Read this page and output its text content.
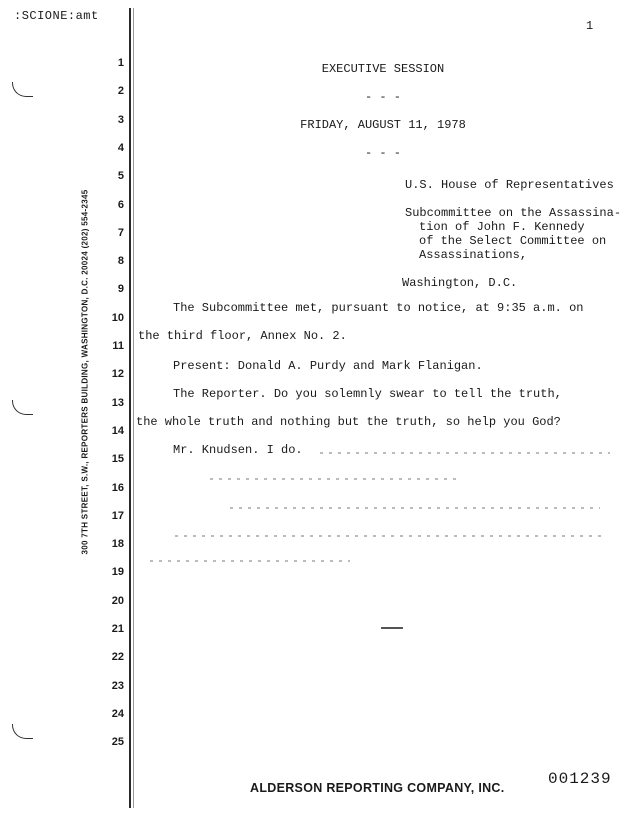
:SCIONE:amt
1
300 7TH STREET, S.W., REPORTERS BUILDING, WASHINGTON, D.C. 20024 (202) 554-2345
1
2
3
4
5
6
7
8
9
10
11
12
13
14
15
16
17
18
19
20
21
22
23
24
25
EXECUTIVE SESSION
- - -
FRIDAY, AUGUST 11, 1978
- - -
U.S. House of Representatives
Subcommittee on the Assassina-
tion of John F. Kennedy
of the Select Committee on
Assassinations,
Washington, D.C.
The Subcommittee met, pursuant to notice, at 9:35 a.m. on
the third floor, Annex No. 2.
Present: Donald A. Purdy and Mark Flanigan.
The Reporter. Do you solemnly swear to tell the truth,
the whole truth and nothing but the truth, so help you God?
Mr. Knudsen. I do.
ALDERSON REPORTING COMPANY, INC.	001239
